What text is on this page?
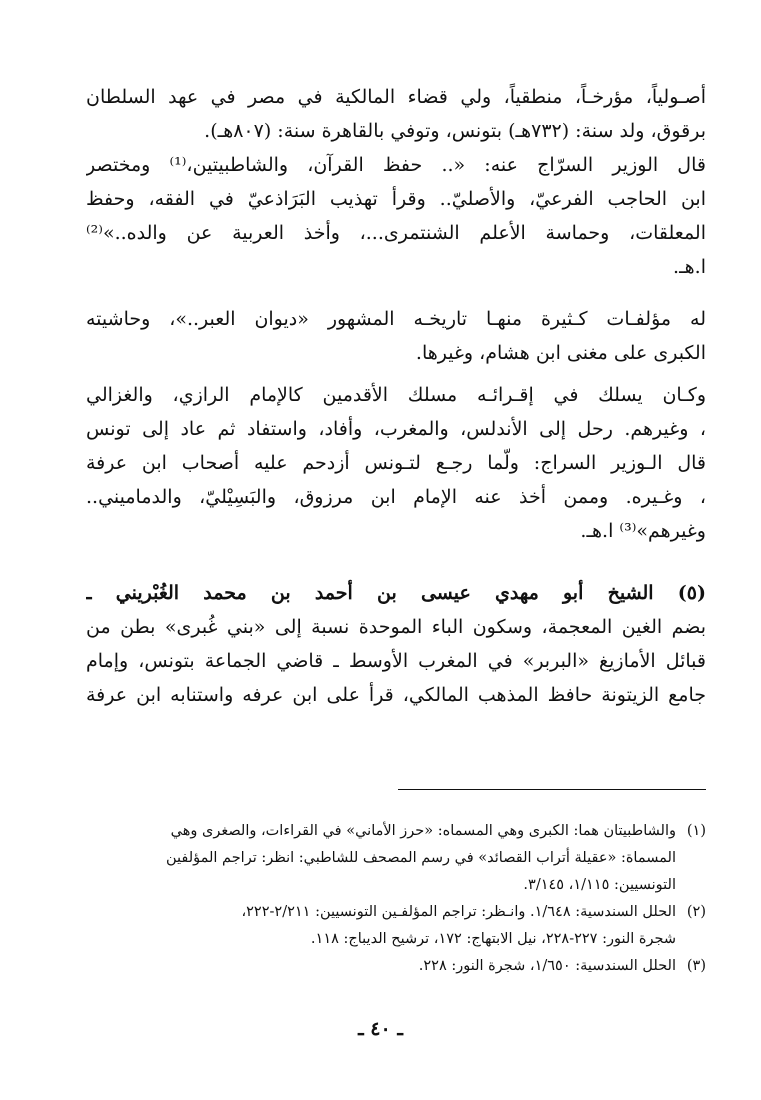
أصـولياً، مؤرخـاً، منطقياً، ولي قضاء المالكية في مصر في عهد السلطان
برقوق، ولد سنة: (٧٣٢هـ) بتونس، وتوفي بالقاهرة سنة: (٨٠٧هـ).
قال الوزير السرّاج عنه: «.. حفظ القرآن، والشاطبيتين،⁽¹⁾ ومختصر
ابن الحاجب الفرعيّ، والأصليّ.. وقرأ تهذيب البَرَاذعيّ في الفقه، وحفظ
المعلقات، وحماسة الأعلم الشنتمرى...، وأخذ العربية عن والده..»⁽²⁾
ا.هـ.
له مؤلفـات كـثيرة منهـا تاريخـه المشهور «ديوان العبر..»، وحاشيته
الكبرى على مغنى ابن هشام، وغيرها.
وكـان يسلك في إقـرائـه مسلك الأقدمين كالإمام الرازي، والغزالي
، وغيرهم. رحل إلى الأندلس، والمغرب، وأفاد، واستفاد ثم عاد إلى تونس
قال الـوزير السراج: ولّما رجـع لتـونس أزدحم عليه أصحاب ابن عرفة
، وغـيره. وممن أخذ عنه الإمام ابن مرزوق، والبَسِيْليّ، والدماميني..
وغيرهم»⁽³⁾ ا.هـ.
(٥) الشيخ أبو مهدي عيسى بن أحمد بن محمد الغُبْريني ـ
بضم الغين المعجمة، وسكون الباء الموحدة نسبة إلى «بني غُبرى» بطن من
قبائل الأمازيغ «البربر» في المغرب الأوسط ـ قاضي الجماعة بتونس، وإمام
جامع الزيتونة حافظ المذهب المالكي، قرأ على ابن عرفه واستنابه ابن عرفة
(١)
والشاطبيتان هما: الكبرى وهي المسماه: «حرز الأماني» في القراءات، والصغرى وهي
المسماة: «عقيلة أتراب القصائد» في رسم المصحف للشاطبي: انظر: تراجم المؤلفين
التونسيين: ١/١١٥، ٣/١٤٥.
(٢)
الحلل السندسية: ١/٦٤٨. وانـظر: تراجم المؤلفـين التونسيين: ٢/٢١١-٢٢٢،
شجرة النور: ٢٢٧-٢٢٨، نيل الابتهاج: ١٧٢، ترشيح الديباج: ١١٨.
(٣)
الحلل السندسية: ١/٦٥٠، شجرة النور: ٢٢٨.
ـ ٤٠ ـ
